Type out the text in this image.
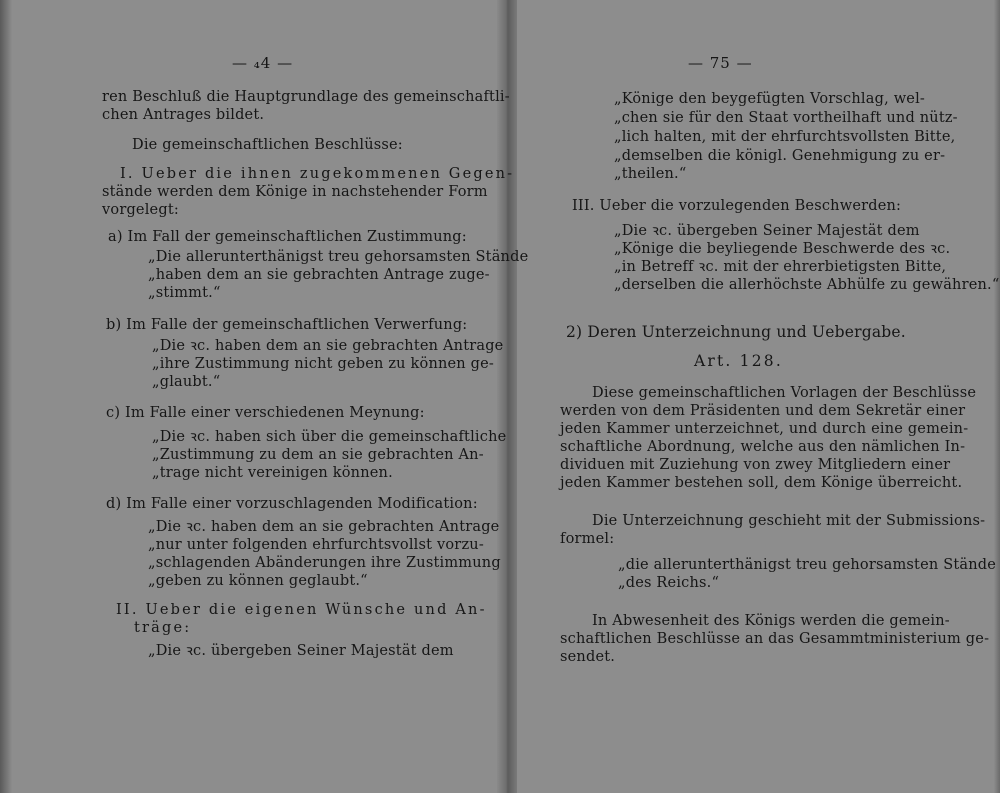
— ₄4 —
ren Beschluß die Hauptgrundlage des gemeinschaftli-
chen Antrages bildet.
Die gemeinschaftlichen Beschlüsse:
I. Ueber die ihnen zugekommenen Gegen-
stände werden dem Könige in nachstehender Form
vorgelegt:
a) Im Fall der gemeinschaftlichen Zustimmung:
„Die allerunterthänigst treu gehorsamsten Stände
„haben dem an sie gebrachten Antrage zuge-
„stimmt.“
b) Im Falle der gemeinschaftlichen Verwerfung:
„Die ꝛc. haben dem an sie gebrachten Antrage
„ihre Zustimmung nicht geben zu können ge-
„glaubt.“
c) Im Falle einer verschiedenen Meynung:
„Die ꝛc. haben sich über die gemeinschaftliche
„Zustimmung zu dem an sie gebrachten An-
„trage nicht vereinigen können.
d) Im Falle einer vorzuschlagenden Modification:
„Die ꝛc. haben dem an sie gebrachten Antrage
„nur unter folgenden ehrfurchtsvollst vorzu-
„schlagenden Abänderungen ihre Zustimmung
„geben zu können geglaubt.“
II. Ueber die eigenen Wünsche und An-
träge:
„Die ꝛc. übergeben Seiner Majestät dem
— 75 —
„Könige den beygefügten Vorschlag, wel-
„chen sie für den Staat vortheilhaft und nütz-
„lich halten, mit der ehrfurchtsvollsten Bitte,
„demselben die königl. Genehmigung zu er-
„theilen.“
III. Ueber die vorzulegenden Beschwerden:
„Die ꝛc. übergeben Seiner Majestät dem
„Könige die beyliegende Beschwerde des ꝛc.
„in Betreff ꝛc. mit der ehrerbietigsten Bitte,
„derselben die allerhöchste Abhülfe zu gewähren.“
2) Deren Unterzeichnung und Uebergabe.
Art. 128.
Diese gemeinschaftlichen Vorlagen der Beschlüsse
werden von dem Präsidenten und dem Sekretär einer
jeden Kammer unterzeichnet, und durch eine gemein-
schaftliche Abordnung, welche aus den nämlichen In-
dividuen mit Zuziehung von zwey Mitgliedern einer
jeden Kammer bestehen soll, dem Könige überreicht.
Die Unterzeichnung geschieht mit der Submissions-
formel:
„die allerunterthänigst treu gehorsamsten Stände
„des Reichs.“
In Abwesenheit des Königs werden die gemein-
schaftlichen Beschlüsse an das Gesammtministerium ge-
sendet.
